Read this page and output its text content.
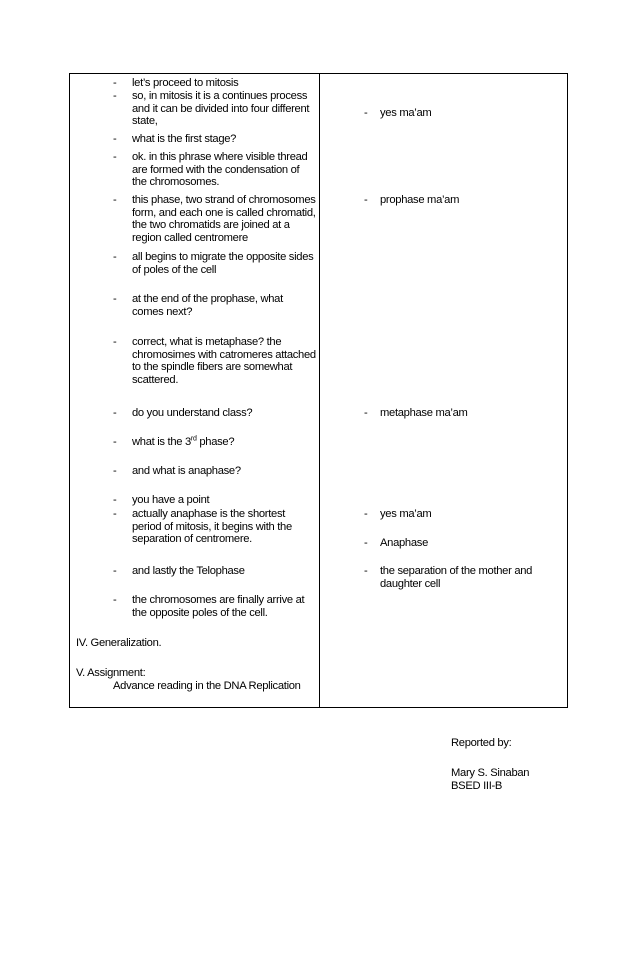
- let’s proceed to mitosis
- so, in mitosis it is a continues process and it can be divided into four different state,
- what is the first stage?
- ok. in this phrase where visible thread are formed with the condensation of the chromosomes.
- this phase, two strand of chromosomes form, and each one is called chromatid, the two chromatids are joined at a region called centromere
- all begins to migrate the opposite sides of poles of the cell
- at the end of the prophase, what comes next?
- correct, what is metaphase? the chromosimes with catromeres attached to the spindle fibers are somewhat scattered.
- do you understand class?
- what is the 3rd phase?
- and what is anaphase?
- you have a point
- actually anaphase is the shortest period of mitosis, it begins with the separation of centromere.
- and lastly the Telophase
- the chromosomes are finally arrive at the opposite poles of the cell.
IV. Generalization.
V. Assignment:
Advance reading in the DNA Replication
- yes ma’am
- prophase ma’am
- metaphase ma’am
- yes ma’am
- Anaphase
- the separation of the mother and daughter cell
Reported by:
Mary S. Sinaban
BSED III-B
